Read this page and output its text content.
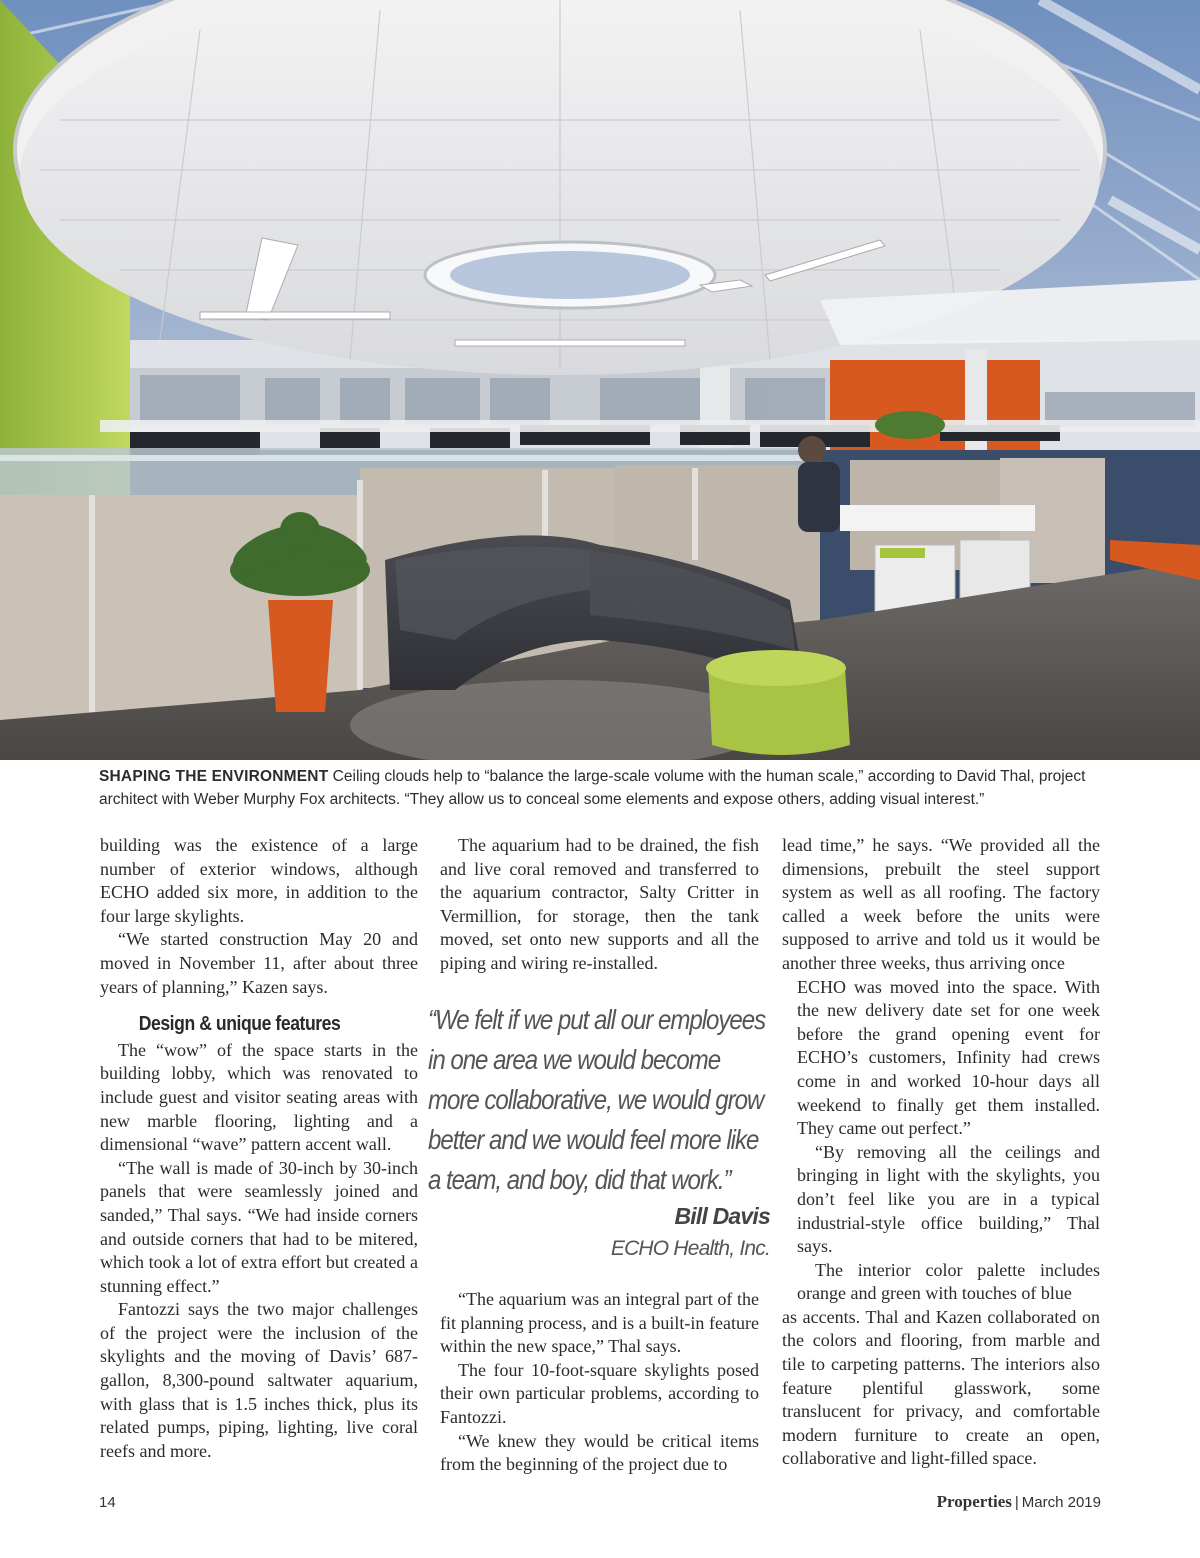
SHAPING THE ENVIRONMENT Ceiling clouds help to “balance the large-scale volume with the human scale,” according to David Thal, project architect with Weber Murphy Fox architects. “They allow us to conceal some elements and expose others, adding visual interest.”

building was the existence of a large number of exterior windows, although ECHO added six more, in addition to the four large skylights.

“We started construction May 20 and moved in November 11, after about three years of planning,” Kazen says.

Design & unique features

The “wow” of the space starts in the building lobby, which was renovated to include guest and visitor seating areas with new marble flooring, lighting and a dimensional “wave” pattern accent wall.

“The wall is made of 30-inch by 30-inch panels that were seamlessly joined and sanded,” Thal says. “We had inside corners and outside corners that had to be mitered, which took a lot of extra effort but created a stunning effect.”

Fantozzi says the two major challenges of the project were the inclusion of the skylights and the moving of Davis’ 687-gallon, 8,300-pound saltwater aquarium, with glass that is 1.5 inches thick, plus its related pumps, piping, lighting, live coral reefs and more.

The aquarium had to be drained, the fish and live coral removed and transferred to the aquarium contractor, Salty Critter in Vermillion, for storage, then the tank moved, set onto new supports and all the piping and wiring re-installed.

“We felt if we put all our employees in one area we would become more collaborative, we would grow better and we would feel more like a team, and boy, did that work.”
Bill Davis
ECHO Health, Inc.

“The aquarium was an integral part of the fit planning process, and is a built-in feature within the new space,” Thal says.

The four 10-foot-square skylights posed their own particular problems, according to Fantozzi.

“We knew they would be critical items from the beginning of the project due to

lead time,” he says. “We provided all the dimensions, prebuilt the steel support system as well as all roofing. The factory called a week before the units were supposed to arrive and told us it would be another three weeks, thus arriving once

ECHO was moved into the space. With the new delivery date set for one week before the grand opening event for ECHO’s customers, Infinity had crews come in and worked 10-hour days all weekend to finally get them installed. They came out perfect.”

“By removing all the ceilings and bringing in light with the skylights, you don’t feel like you are in a typical industrial-style office building,” Thal says.

The interior color palette includes orange and green with touches of blue

as accents. Thal and Kazen collaborated on the colors and flooring, from marble and tile to carpeting patterns. The interiors also feature plentiful glasswork, some translucent for privacy, and comfortable modern furniture to create an open, collaborative and light-filled space.

14	Properties | March 2019
